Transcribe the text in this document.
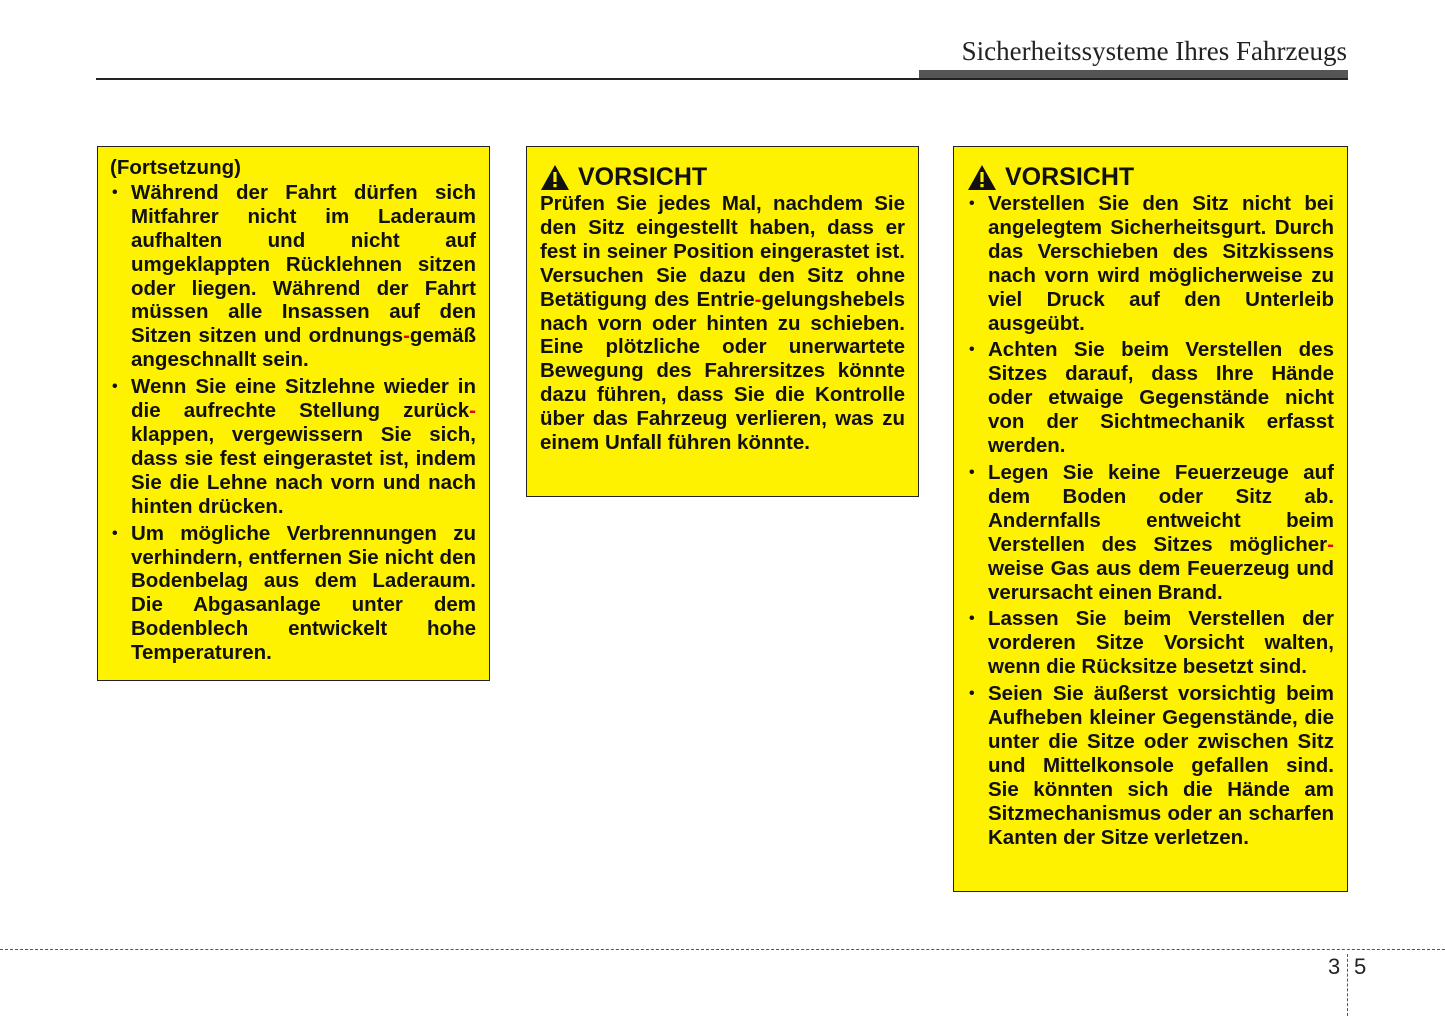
Sicherheitssysteme Ihres Fahrzeugs
(Fortsetzung)
• Während der Fahrt dürfen sich Mitfahrer nicht im Laderaum aufhalten und nicht auf umgeklappten Rücklehnen sitzen oder liegen. Während der Fahrt müssen alle Insassen auf den Sitzen sitzen und ordnungs-gemäß angeschnallt sein.
• Wenn Sie eine Sitzlehne wieder in die aufrechte Stellung zurück-klappen, vergewissern Sie sich, dass sie fest eingerastet ist, indem Sie die Lehne nach vorn und nach hinten drücken.
• Um mögliche Verbrennungen zu verhindern, entfernen Sie nicht den Bodenbelag aus dem Laderaum. Die Abgasanlage unter dem Bodenblech entwickelt hohe Temperaturen.
VORSICHT
Prüfen Sie jedes Mal, nachdem Sie den Sitz eingestellt haben, dass er fest in seiner Position eingerastet ist. Versuchen Sie dazu den Sitz ohne Betätigung des Entrie-gelungshebels nach vorn oder hinten zu schieben. Eine plötzliche oder unerwartete Bewegung des Fahrersitzes könnte dazu führen, dass Sie die Kontrolle über das Fahrzeug verlieren, was zu einem Unfall führen könnte.
VORSICHT
• Verstellen Sie den Sitz nicht bei angelegtem Sicherheitsgurt. Durch das Verschieben des Sitzkissens nach vorn wird möglicherweise zu viel Druck auf den Unterleib ausgeübt.
• Achten Sie beim Verstellen des Sitzes darauf, dass Ihre Hände oder etwaige Gegenstände nicht von der Sichtmechanik erfasst werden.
• Legen Sie keine Feuerzeuge auf dem Boden oder Sitz ab. Andernfalls entweicht beim Verstellen des Sitzes möglicher-weise Gas aus dem Feuerzeug und verursacht einen Brand.
• Lassen Sie beim Verstellen der vorderen Sitze Vorsicht walten, wenn die Rücksitze besetzt sind.
• Seien Sie äußerst vorsichtig beim Aufheben kleiner Gegenstände, die unter die Sitze oder zwischen Sitz und Mittelkonsole gefallen sind. Sie könnten sich die Hände am Sitzmechanismus oder an scharfen Kanten der Sitze verletzen.
3 5
